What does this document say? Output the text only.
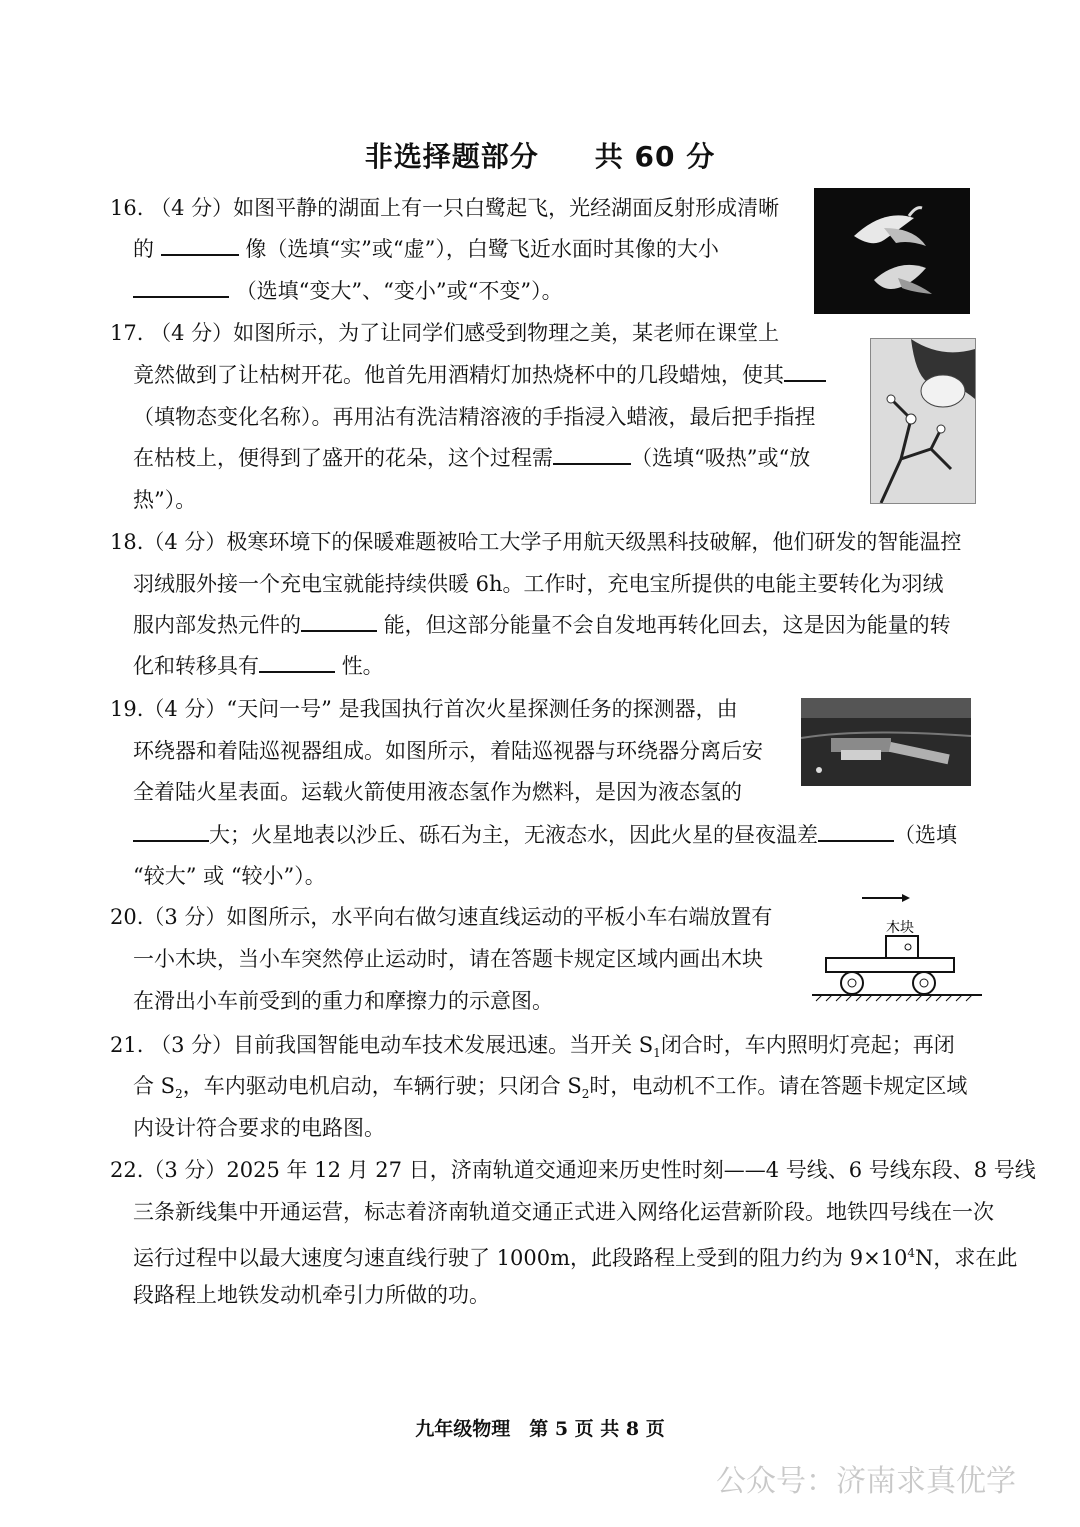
非选择题部分 共 60 分
16. （4 分）如图平静的湖面上有一只白鹭起飞，光经湖面反射形成清晰
的	像（选填“实”或“虚”），白鹭飞近水面时其像的大小
（选填“变大”、“变小”或“不变”）。
17. （4 分）如图所示，为了让同学们感受到物理之美，某老师在课堂上
竟然做到了让枯树开花。他首先用酒精灯加热烧杯中的几段蜡烛，使其
（填物态变化名称）。再用沾有洗洁精溶液的手指浸入蜡液，最后把手指捏
在枯枝上，便得到了盛开的花朵，这个过程需	（选填“吸热”或“放
热”）。
18.（4 分）极寒环境下的保暖难题被哈工大学子用航天级黑科技破解，他们研发的智能温控
羽绒服外接一个充电宝就能持续供暖 6h。工作时，充电宝所提供的电能主要转化为羽绒
服内部发热元件的	能，但这部分能量不会自发地再转化回去，这是因为能量的转
化和转移具有	性。
19.（4 分）“天问一号” 是我国执行首次火星探测任务的探测器，由
环绕器和着陆巡视器组成。如图所示，着陆巡视器与环绕器分离后安
全着陆火星表面。运载火箭使用液态氢作为燃料，是因为液态氢的
大；火星地表以沙丘、砾石为主，无液态水，因此火星的昼夜温差	（选填
“较大” 或 “较小”）。
20.（3 分）如图所示，水平向右做匀速直线运动的平板小车右端放置有
一小木块，当小车突然停止运动时，请在答题卡规定区域内画出木块
在滑出小车前受到的重力和摩擦力的示意图。
木块
21. （3 分）目前我国智能电动车技术发展迅速。当开关 $S_1$闭合时，车内照明灯亮起；再闭
合 $S_2$，车内驱动电机启动，车辆行驶；只闭合 $S_2$时，电动机不工作。请在答题卡规定区域
内设计符合要求的电路图。
22.（3 分）2025 年 12 月 27 日，济南轨道交通迎来历史性时刻——4 号线、6 号线东段、8 号线
三条新线集中开通运营，标志着济南轨道交通正式进入网络化运营新阶段。地铁四号线在一次
运行过程中以最大速度匀速直线行驶了 1000m，此段路程上受到的阻力约为 $9\times 10^4N$，求在此
段路程上地铁发动机牵引力所做的功。
九年级物理　第 5 页 共 8 页
公众号：济南求真优学
